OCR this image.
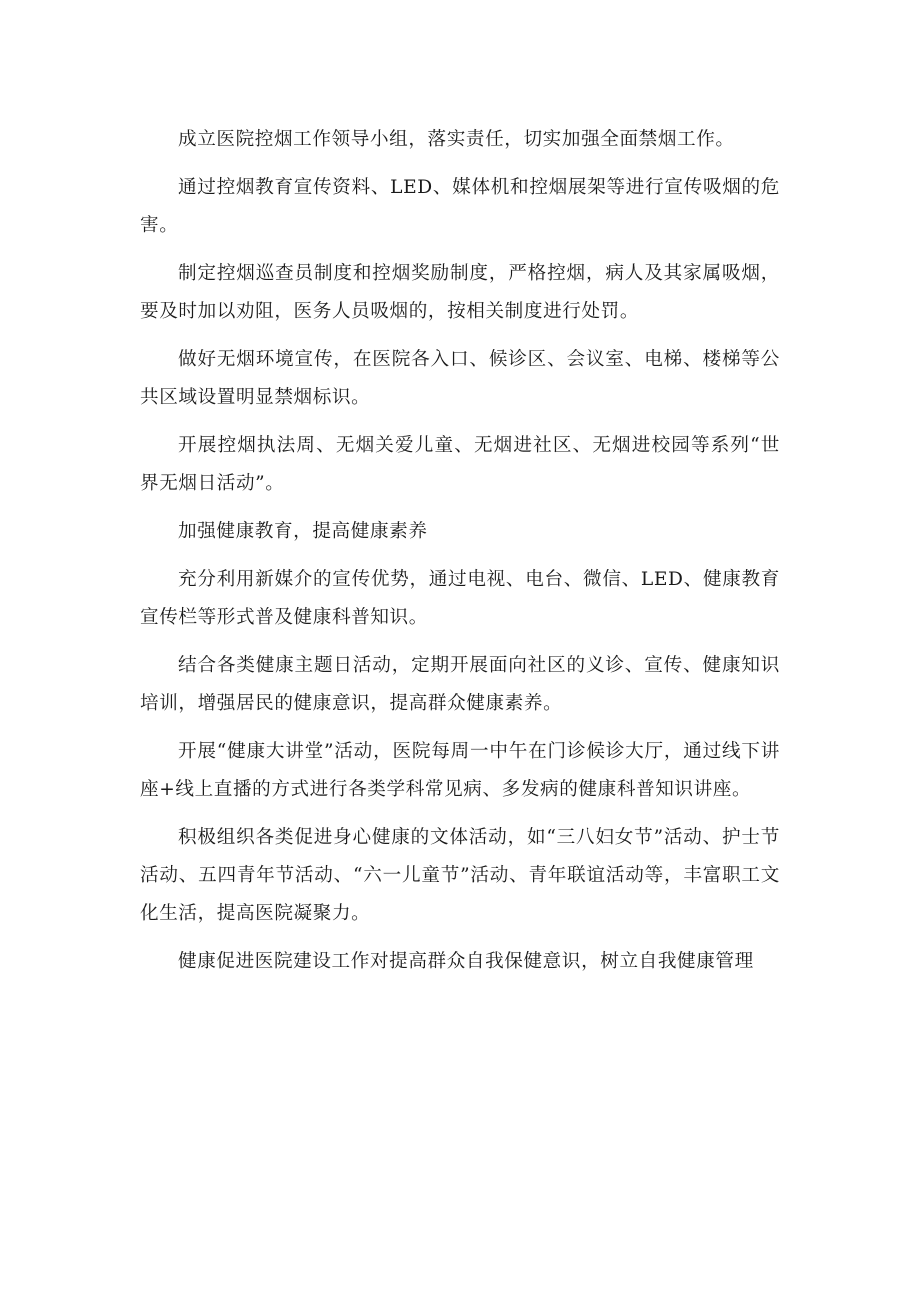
成立医院控烟工作领导小组，落实责任，切实加强全面禁烟工作。

通过控烟教育宣传资料、LED、媒体机和控烟展架等进行宣传吸烟的危害。

制定控烟巡查员制度和控烟奖励制度，严格控烟，病人及其家属吸烟，要及时加以劝阻，医务人员吸烟的，按相关制度进行处罚。

做好无烟环境宣传，在医院各入口、候诊区、会议室、电梯、楼梯等公共区域设置明显禁烟标识。

开展控烟执法周、无烟关爱儿童、无烟进社区、无烟进校园等系列“世界无烟日活动”。

加强健康教育，提高健康素养

充分利用新媒介的宣传优势，通过电视、电台、微信、LED、健康教育宣传栏等形式普及健康科普知识。

结合各类健康主题日活动，定期开展面向社区的义诊、宣传、健康知识培训，增强居民的健康意识，提高群众健康素养。

开展“健康大讲堂”活动，医院每周一中午在门诊候诊大厅，通过线下讲座+线上直播的方式进行各类学科常见病、多发病的健康科普知识讲座。

积极组织各类促进身心健康的文体活动，如“三八妇女节”活动、护士节活动、五四青年节活动、“六一儿童节”活动、青年联谊活动等，丰富职工文化生活，提高医院凝聚力。

健康促进医院建设工作对提高群众自我保健意识，树立自我健康管理
